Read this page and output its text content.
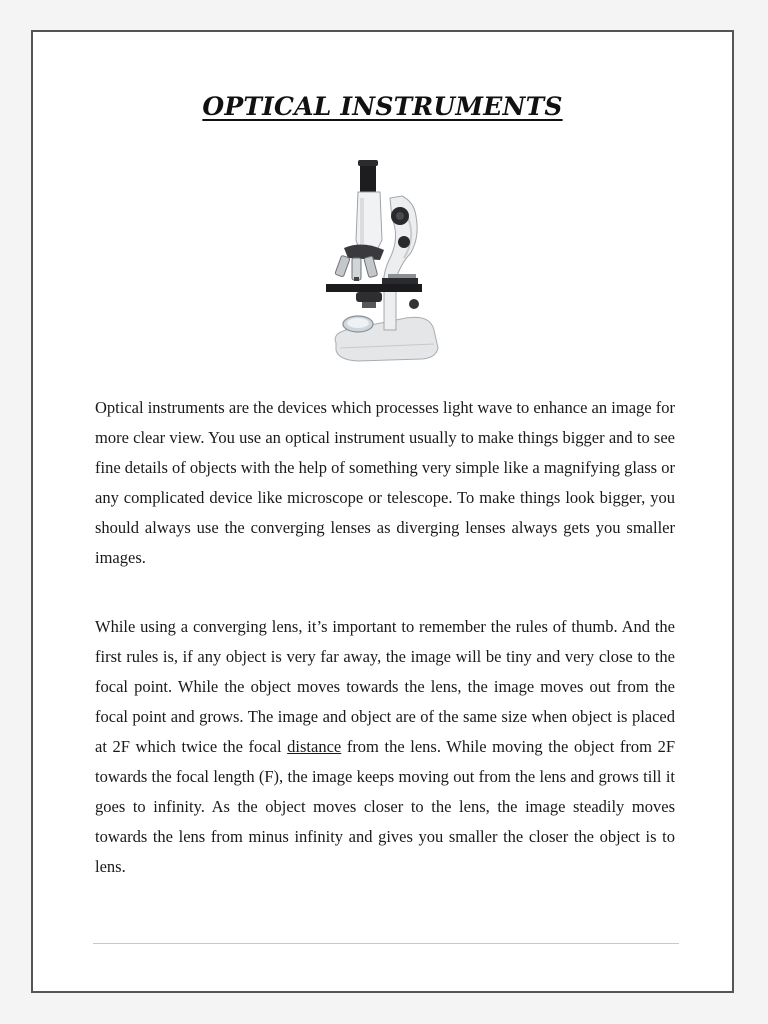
OPTICAL INSTRUMENTS

Optical instruments are the devices which processes light wave to enhance an image for more clear view. You use an optical instrument usually to make things bigger and to see fine details of objects with the help of something very simple like a magnifying glass or any complicated device like microscope or telescope. To make things look bigger, you should always use the converging lenses as diverging lenses always gets you smaller images.

While using a converging lens, it’s important to remember the rules of thumb. And the first rules is, if any object is very far away, the image will be tiny and very close to the focal point. While the object moves towards the lens, the image moves out from the focal point and grows. The image and object are of the same size when object is placed at 2F which twice the focal distance from the lens. While moving the object from 2F towards the focal length (F), the image keeps moving out from the lens and grows till it goes to infinity. As the object moves closer to the lens, the image steadily moves towards the lens from minus infinity and gives you smaller the closer the object is to lens.
